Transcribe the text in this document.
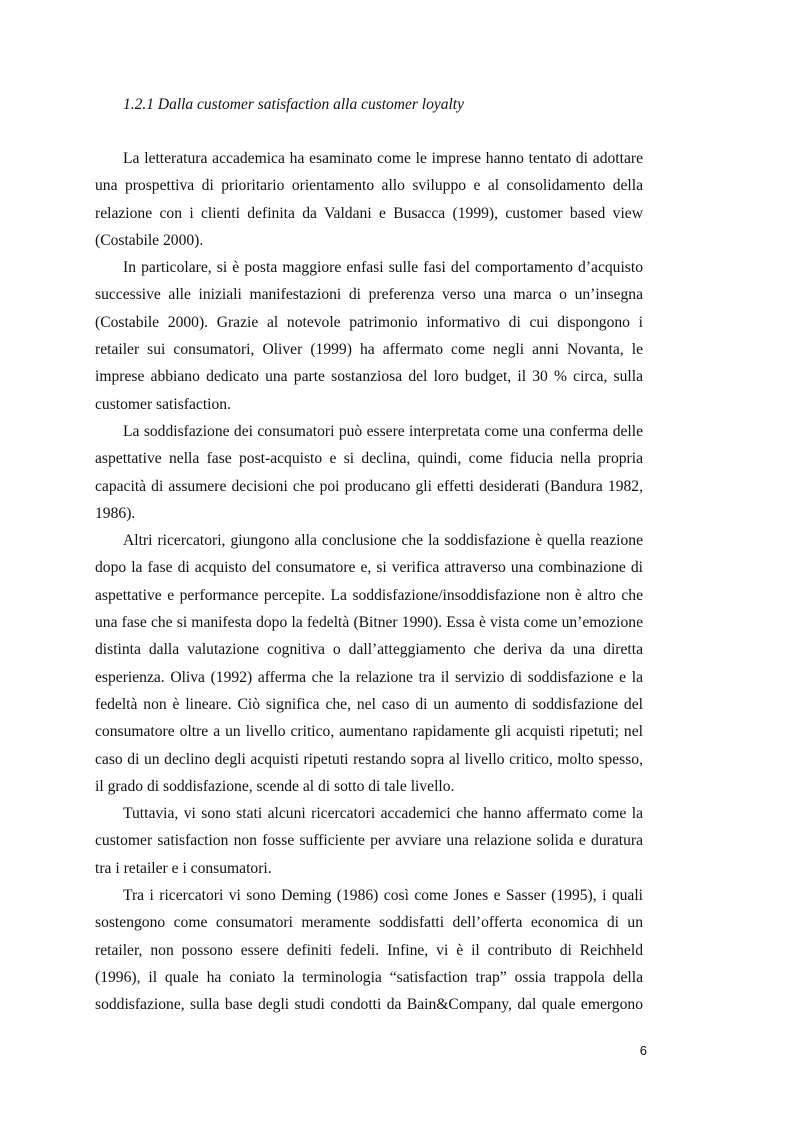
1.2.1 Dalla customer satisfaction alla customer loyalty
La letteratura accademica ha esaminato come le imprese hanno tentato di adottare
una prospettiva di prioritario orientamento allo sviluppo e al consolidamento della
relazione con i clienti definita da Valdani e Busacca (1999), customer based view
(Costabile 2000).
In particolare, si è posta maggiore enfasi sulle fasi del comportamento d’acquisto
successive alle iniziali manifestazioni di preferenza verso una marca o un’insegna
(Costabile 2000). Grazie al notevole patrimonio informativo di cui dispongono i
retailer sui consumatori, Oliver (1999) ha affermato come negli anni Novanta, le
imprese abbiano dedicato una parte sostanziosa del loro budget, il 30 % circa, sulla
customer satisfaction.
La soddisfazione dei consumatori può essere interpretata come una conferma delle
aspettative nella fase post-acquisto e si declina, quindi, come fiducia nella propria
capacità di assumere decisioni che poi producano gli effetti desiderati (Bandura 1982,
1986).
Altri ricercatori, giungono alla conclusione che la soddisfazione è quella reazione
dopo la fase di acquisto del consumatore e, si verifica attraverso una combinazione di
aspettative e performance percepite. La soddisfazione/insoddisfazione non è altro che
una fase che si manifesta dopo la fedeltà (Bitner 1990). Essa è vista come un’emozione
distinta dalla valutazione cognitiva o dall’atteggiamento che deriva da una diretta
esperienza. Oliva (1992) afferma che la relazione tra il servizio di soddisfazione e la
fedeltà non è lineare. Ciò significa che, nel caso di un aumento di soddisfazione del
consumatore oltre a un livello critico, aumentano rapidamente gli acquisti ripetuti; nel
caso di un declino degli acquisti ripetuti restando sopra al livello critico, molto spesso,
il grado di soddisfazione, scende al di sotto di tale livello.
Tuttavia, vi sono stati alcuni ricercatori accademici che hanno affermato come la
customer satisfaction non fosse sufficiente per avviare una relazione solida e duratura
tra i retailer e i consumatori.
Tra i ricercatori vi sono Deming (1986) così come Jones e Sasser (1995), i quali
sostengono come consumatori meramente soddisfatti dell’offerta economica di un
retailer, non possono essere definiti fedeli. Infine, vi è il contributo di Reichheld
(1996), il quale ha coniato la terminologia “satisfaction trap” ossia trappola della
soddisfazione, sulla base degli studi condotti da Bain&Company, dal quale emergono
6
